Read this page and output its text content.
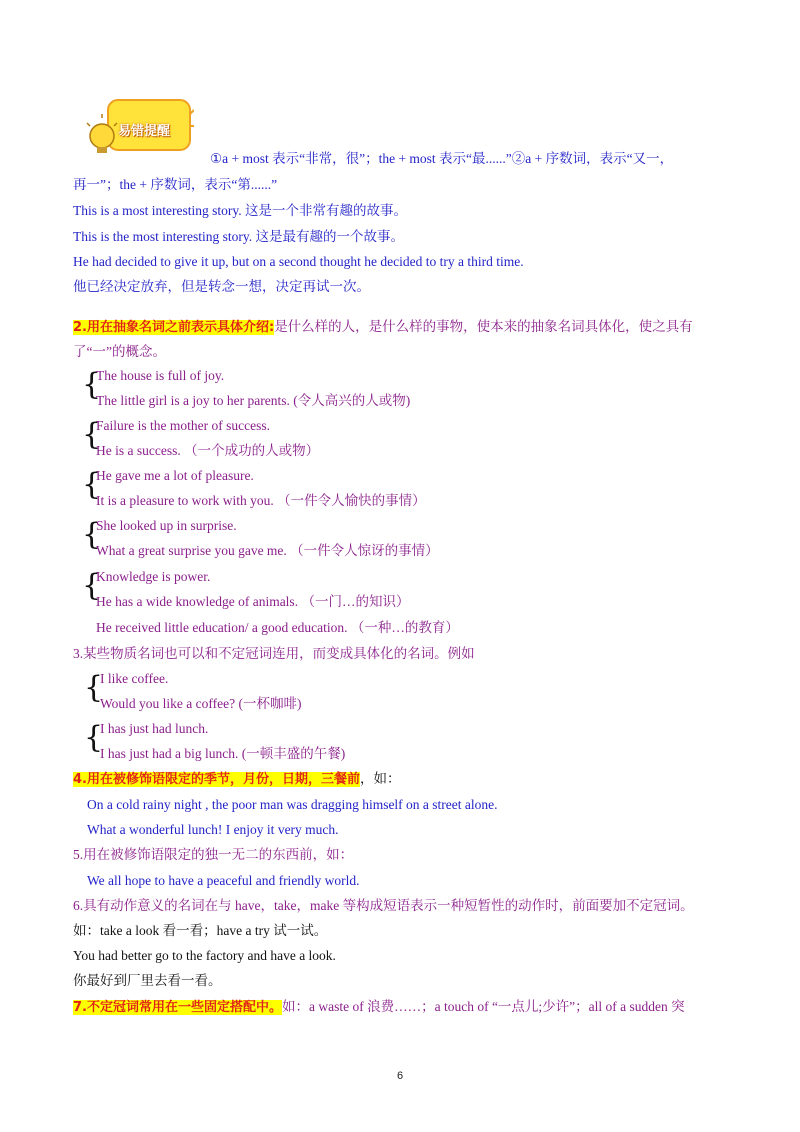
易错提醒
①a + most 表示“非常，很”；the + most 表示“最......”②a + 序数词，表示“又一，
再一”；the + 序数词，表示“第......”
This is a most interesting story. 这是一个非常有趣的故事。
This is the most interesting story. 这是最有趣的一个故事。
He had decided to give it up, but on a second thought he decided to try a third time.
他已经决定放弃，但是转念一想，决定再试一次。
2.用在抽象名词之前表示具体介绍:是什么样的人，是什么样的事物，使本来的抽象名词具体化，使之具有
了“一”的概念。
{
The house is full of joy.
The little girl is a joy to her parents. (令人高兴的人或物)
{
Failure is the mother of success.
He is a success. （一个成功的人或物）
{
He gave me a lot of pleasure.
It is a pleasure to work with you. （一件令人愉快的事情）
{
She looked up in surprise.
What a great surprise you gave me. （一件令人惊讶的事情）
{
Knowledge is power.
He has a wide knowledge of animals. （一门…的知识）
He received little education/ a good education. （一种…的教育）
3.某些物质名词也可以和不定冠词连用，而变成具体化的名词。例如
{
I like coffee.
Would you like a coffee? (一杯咖啡)
{
I has just had lunch.
I has just had a big lunch. (一顿丰盛的午餐)
4.用在被修饰语限定的季节，月份，日期，三餐前，如：
On a cold rainy night , the poor man was dragging himself on a street alone.
What a wonderful lunch! I enjoy it very much.
5.用在被修饰语限定的独一无二的东西前，如：
We all hope to have a peaceful and friendly world.
6.具有动作意义的名词在与 have，take，make 等构成短语表示一种短暂性的动作时，前面要加不定冠词。
如：take a look 看一看；have a try 试一试。
You had better go to the factory and have a look.
你最好到厂里去看一看。
7.不定冠词常用在一些固定搭配中。如：a waste of 浪费……；a touch of “一点儿;少许”；all of a sudden 突
6
